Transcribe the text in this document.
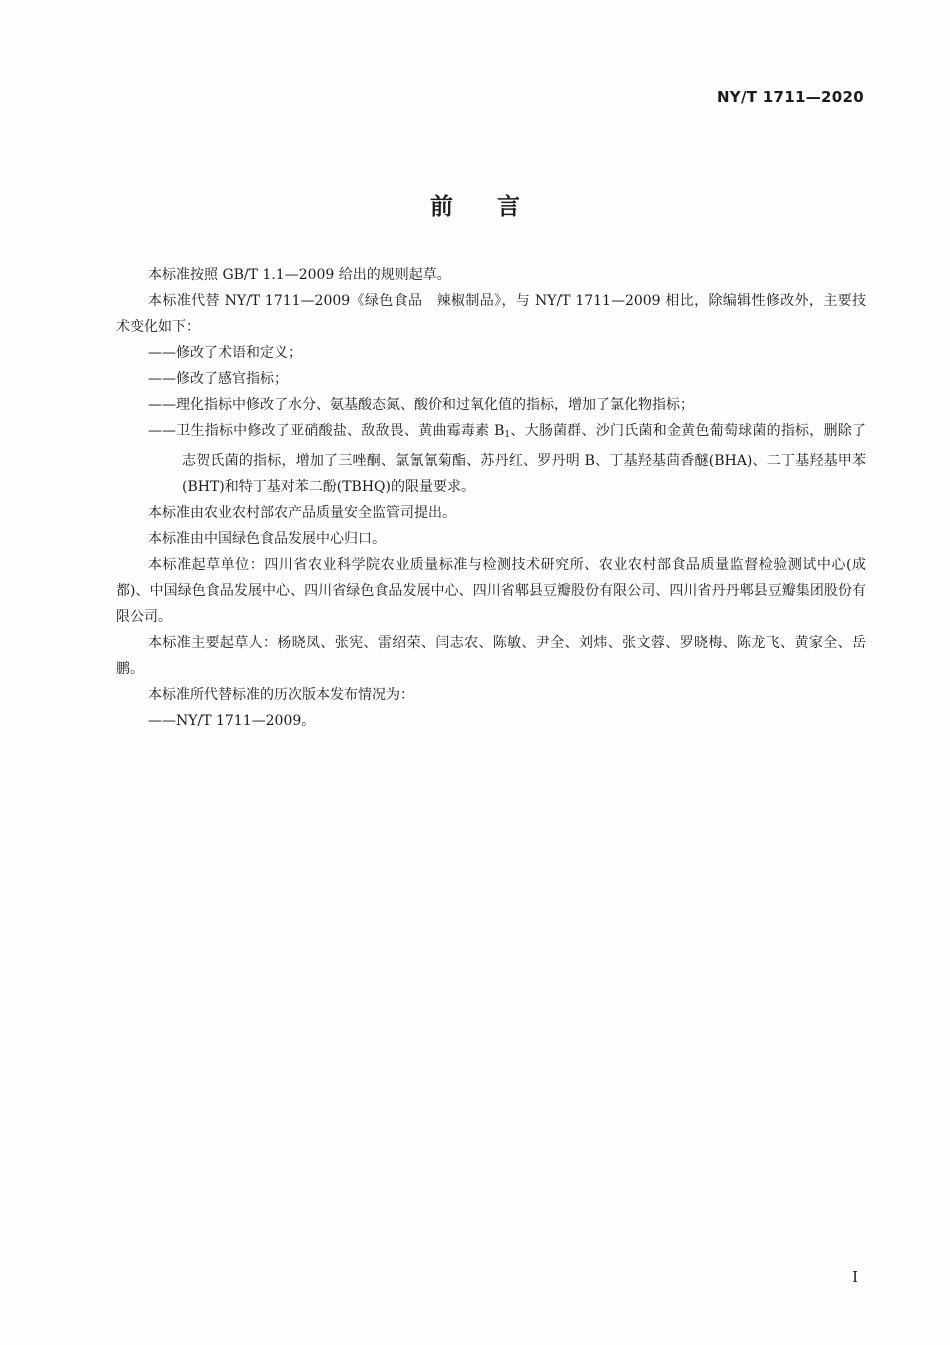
NY/T 1711—2020
前言

本标准按照 GB/T 1.1—2009 给出的规则起草。

本标准代替 NY/T 1711—2009《绿色食品　辣椒制品》，与 NY/T 1711—2009 相比，除编辑性修改外，主要技术变化如下：

——修改了术语和定义；

——修改了感官指标；

——理化指标中修改了水分、氨基酸态氮、酸价和过氧化值的指标，增加了氯化物指标；

——卫生指标中修改了亚硝酸盐、敌敌畏、黄曲霉毒素 $B_1$、大肠菌群、沙门氏菌和金黄色葡萄球菌的指标，删除了志贺氏菌的指标，增加了三唑酮、氯氰氰菊酯、苏丹红、罗丹明 B、丁基羟基茴香醚(BHA)、二丁基羟基甲苯(BHT)和特丁基对苯二酚(TBHQ)的限量要求。

本标准由农业农村部农产品质量安全监管司提出。

本标准由中国绿色食品发展中心归口。

本标准起草单位：四川省农业科学院农业质量标准与检测技术研究所、农业农村部食品质量监督检验测试中心(成都)、中国绿色食品发展中心、四川省绿色食品发展中心、四川省郫县豆瓣股份有限公司、四川省丹丹郫县豆瓣集团股份有限公司。

本标准主要起草人：杨晓凤、张宪、雷绍荣、闫志农、陈敏、尹全、刘炜、张文蓉、罗晓梅、陈龙飞、黄家全、岳鹏。

本标准所代替标准的历次版本发布情况为：

——NY/T 1711—2009。

I
